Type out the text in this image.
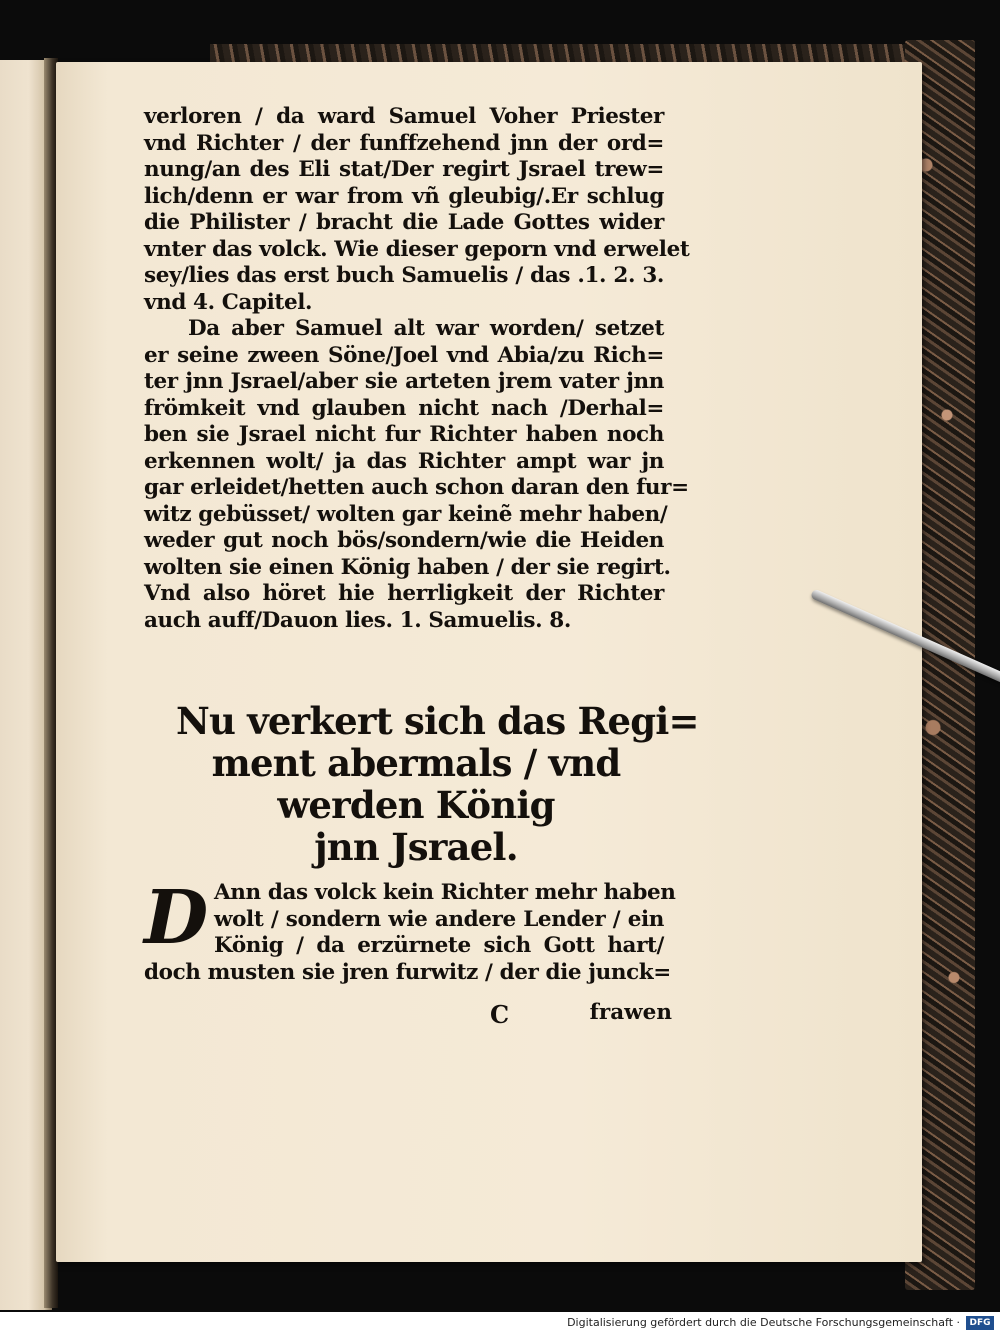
verloren / da ward Samuel Voher Priester
vnd Richter / der funffzehend jnn der ord=
nung/an des Eli stat/Der regirt Jsrael trew=
lich/denn er war from vñ gleubig/.Er schlug
die Philister / bracht die Lade Gottes wider
vnter das volck. Wie dieser geporn vnd erwelet
sey/lies das erst buch Samuelis / das .1. 2. 3.
vnd 4. Capitel.
Da aber Samuel alt war worden/ setzet
er seine zween Söne/Joel vnd Abia/zu Rich=
ter jnn Jsrael/aber sie arteten jrem vater jnn
frömkeit vnd glauben nicht nach /Derhal=
ben sie Jsrael nicht fur Richter haben noch
erkennen wolt/ ja das Richter ampt war jn
gar erleidet/hetten auch schon daran den fur=
witz gebüsset/ wolten gar keinẽ mehr haben/
weder gut noch bös/sondern/wie die Heiden
wolten sie einen König haben / der sie regirt.
Vnd also höret hie herrligkeit der Richter
auch auff/Dauon lies. 1. Samuelis. 8.
Nu verkert sich das Regi=
ment abermals / vnd
werden König
jnn Jsrael.
D Ann das volck kein Richter mehr haben
wolt / sondern wie andere Lender / ein
König / da erzürnete sich Gott hart/
doch musten sie jren furwitz / der die junck=
C	frawen
Digitalisierung gefördert durch die Deutsche Forschungsgemeinschaft ·	DFG
